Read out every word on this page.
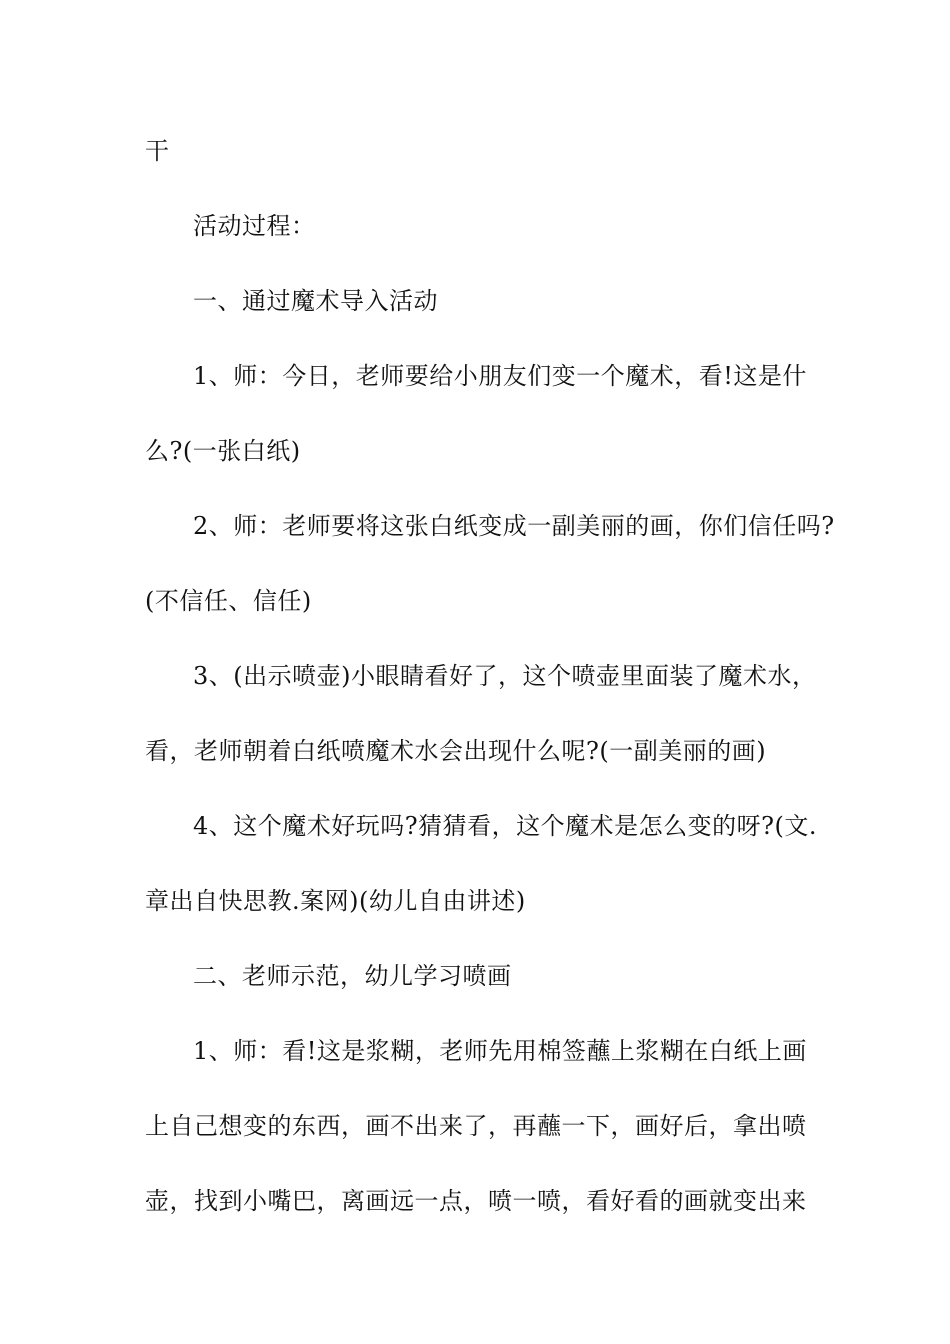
干
活动过程：
一、通过魔术导入活动
1、师：今日，老师要给小朋友们变一个魔术，看!这是什
么?(一张白纸)
2、师：老师要将这张白纸变成一副美丽的画，你们信任吗?
(不信任、信任)
3、(出示喷壶)小眼睛看好了，这个喷壶里面装了魔术水，
看，老师朝着白纸喷魔术水会出现什么呢?(一副美丽的画)
4、这个魔术好玩吗?猜猜看，这个魔术是怎么变的呀?(文.
章出自快思教.案网)(幼儿自由讲述)
二、老师示范，幼儿学习喷画
1、师：看!这是浆糊，老师先用棉签蘸上浆糊在白纸上画
上自己想变的东西，画不出来了，再蘸一下，画好后，拿出喷
壶，找到小嘴巴，离画远一点，喷一喷，看好看的画就变出来
